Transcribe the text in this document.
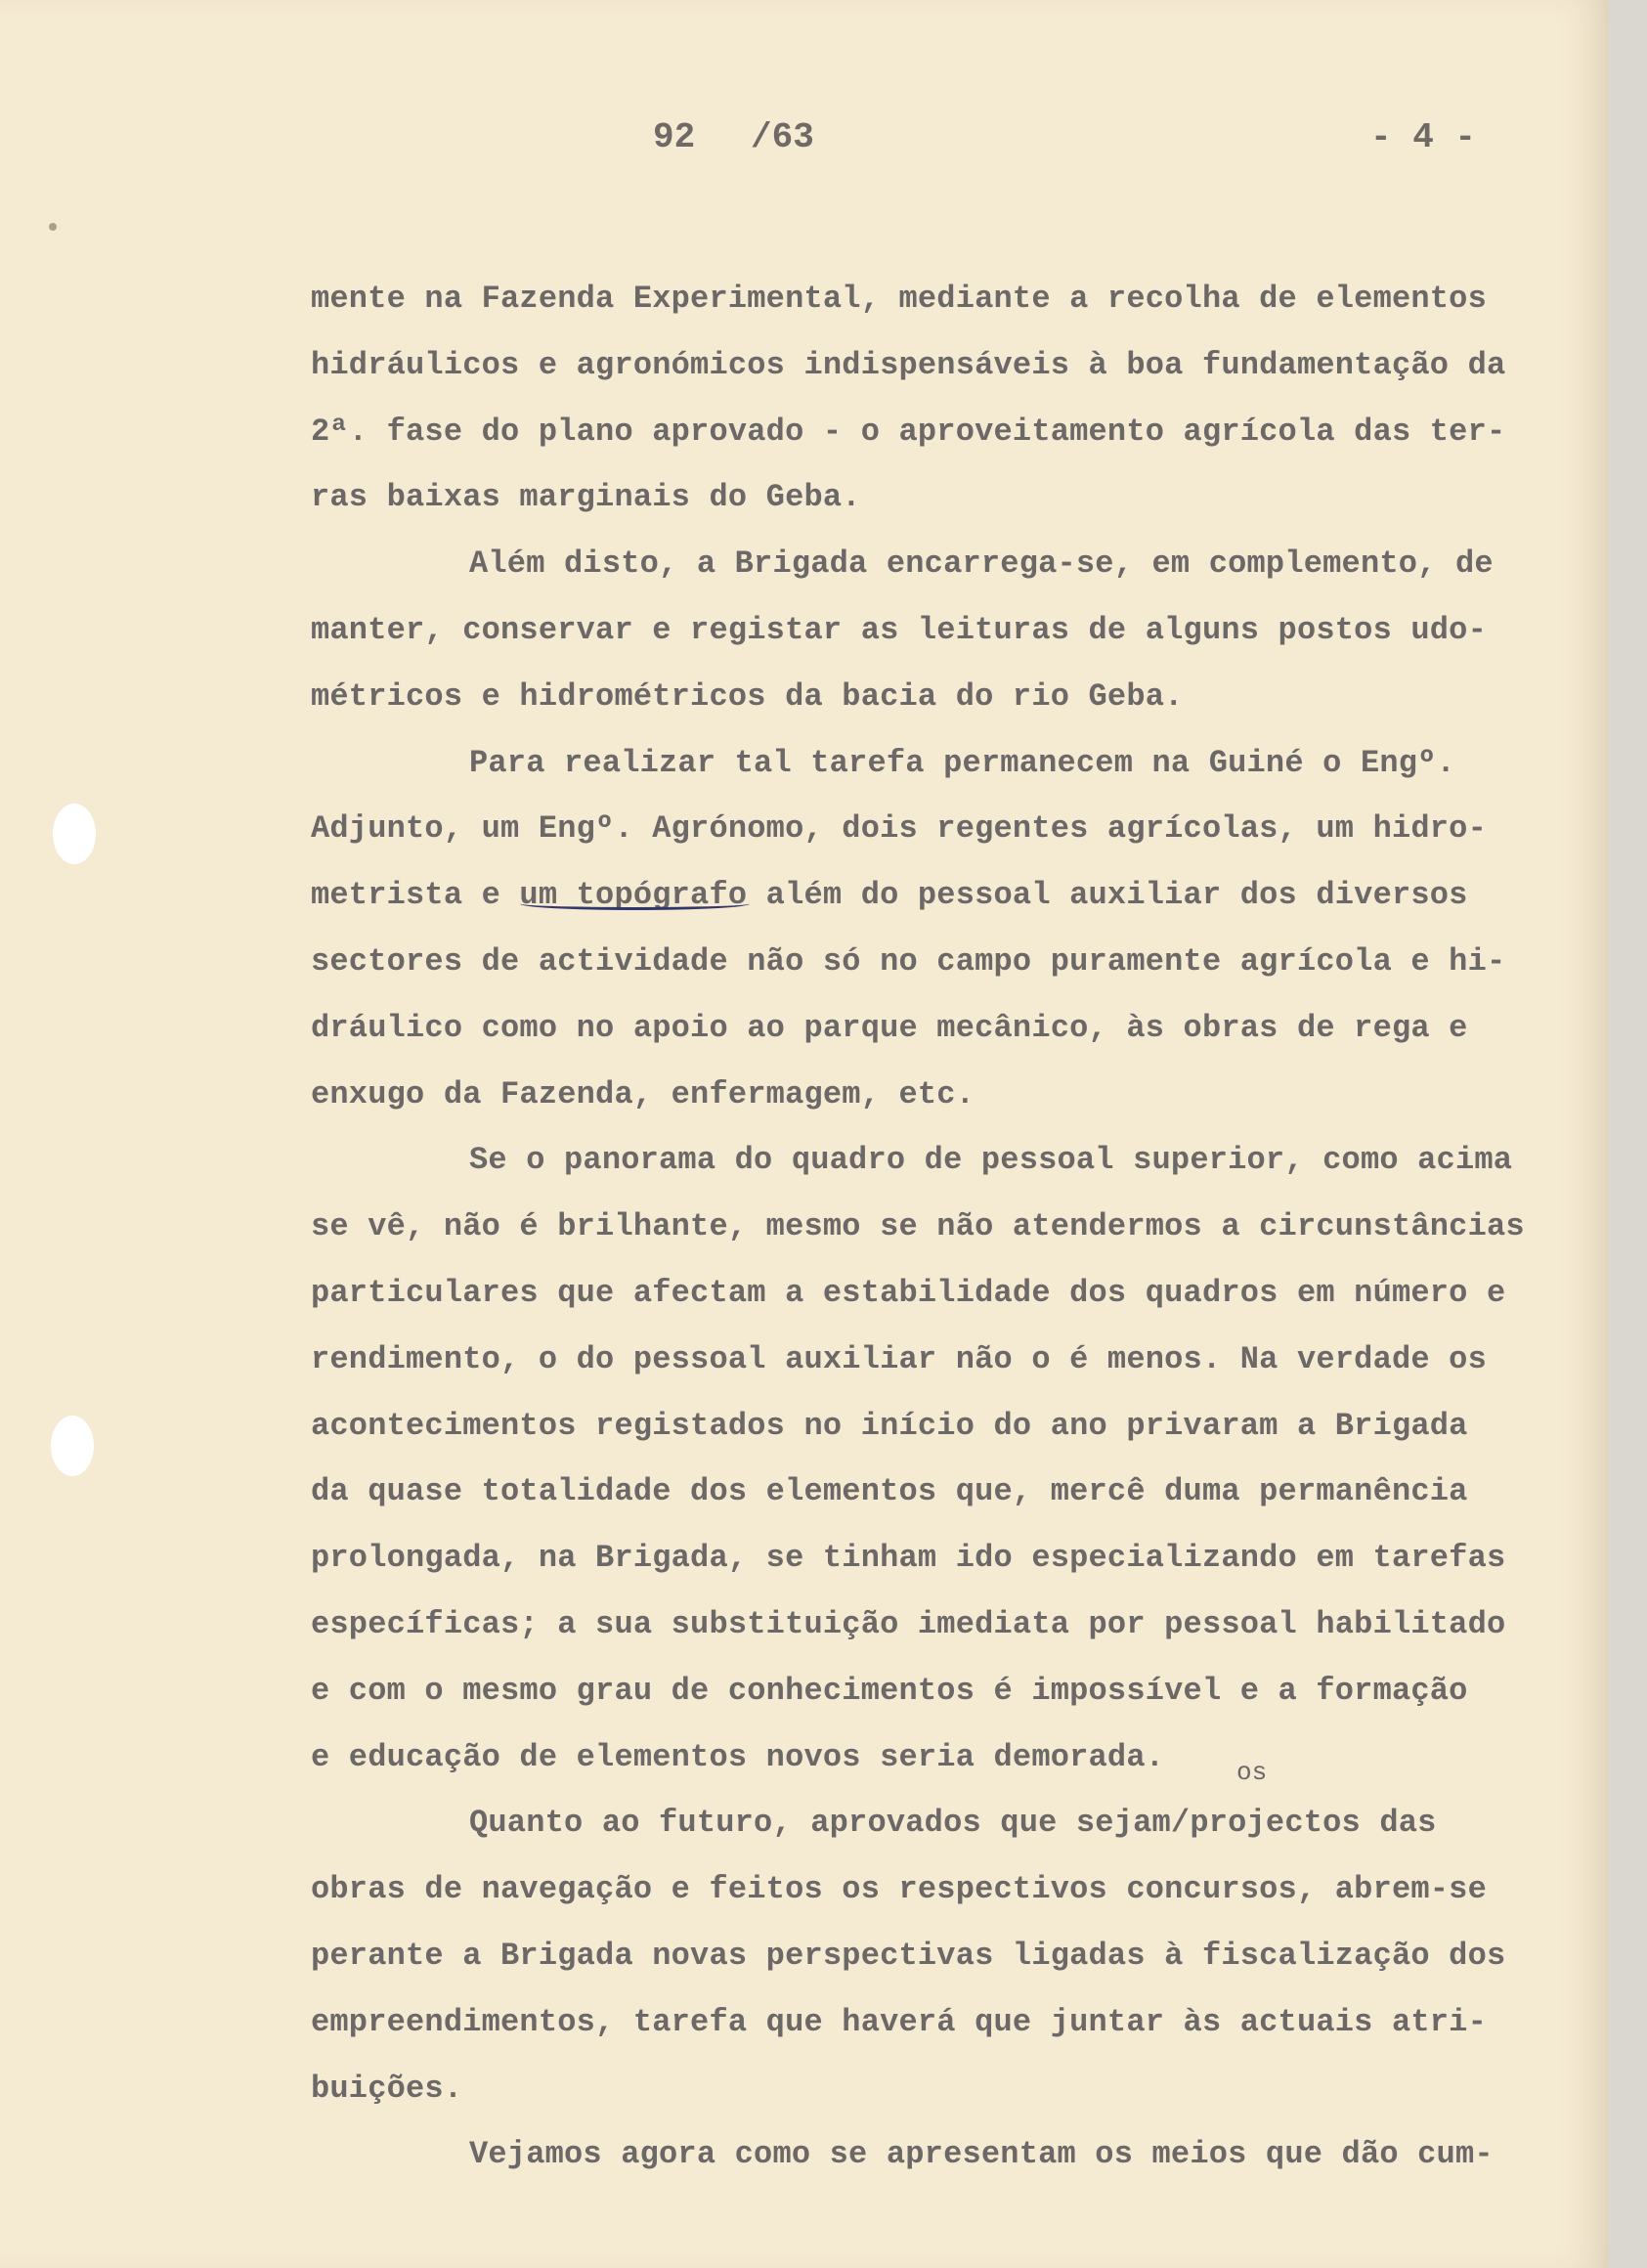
92 /63	- 4 -
mente na Fazenda Experimental, mediante a recolha de elementos
hidráulicos e agronómicos indispensáveis à boa fundamentação da
2ª. fase do plano aprovado - o aproveitamento agrícola das ter-
ras baixas marginais do Geba.
Além disto, a Brigada encarrega-se, em complemento, de
manter, conservar e registar as leituras de alguns postos udo-
métricos e hidrométricos da bacia do rio Geba.
Para realizar tal tarefa permanecem na Guiné o Engº.
Adjunto, um Engº. Agrónomo, dois regentes agrícolas, um hidro-
metrista e um topógrafo além do pessoal auxiliar dos diversos
sectores de actividade não só no campo puramente agrícola e hi-
dráulico como no apoio ao parque mecânico, às obras de rega e
enxugo da Fazenda, enfermagem, etc.
Se o panorama do quadro de pessoal superior, como acima
se vê, não é brilhante, mesmo se não atendermos a circunstâncias
particulares que afectam a estabilidade dos quadros em número e
rendimento, o do pessoal auxiliar não o é menos. Na verdade os
acontecimentos registados no início do ano privaram a Brigada
da quase totalidade dos elementos que, mercê duma permanência
prolongada, na Brigada, se tinham ido especializando em tarefas
específicas; a sua substituição imediata por pessoal habilitado
e com o mesmo grau de conhecimentos é impossível e a formação
e educação de elementos novos seria demorada.
Quanto ao futuro, aprovados que sejam/projectos das
obras de navegação e feitos os respectivos concursos, abrem-se
perante a Brigada novas perspectivas ligadas à fiscalização dos
empreendimentos, tarefa que haverá que juntar às actuais atri-
buições.
Vejamos agora como se apresentam os meios que dão cum-
os
